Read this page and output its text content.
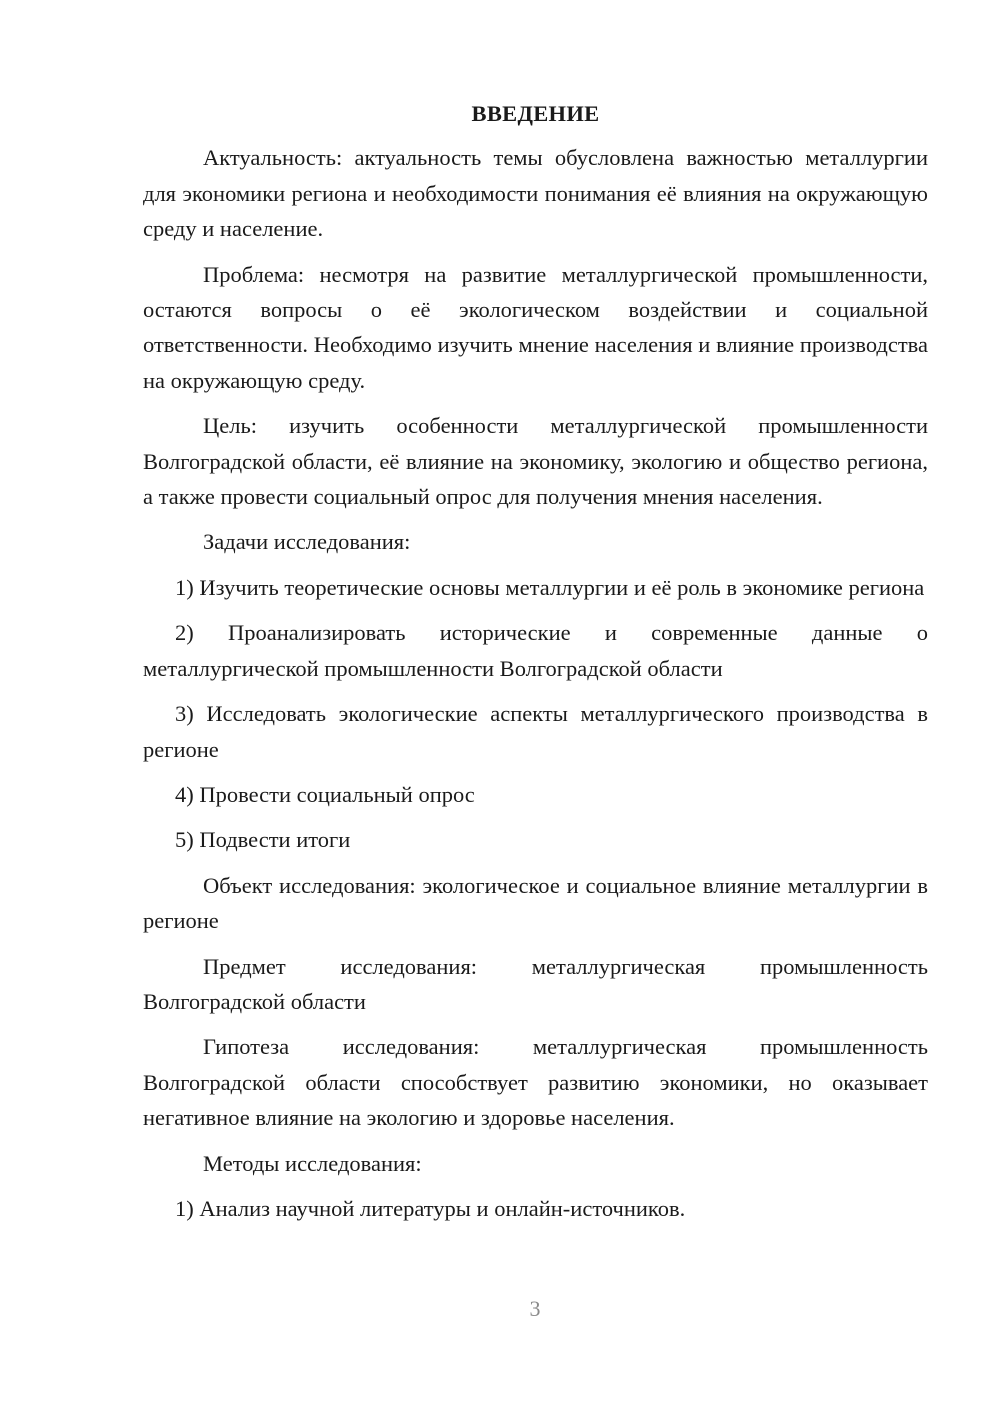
ВВЕДЕНИЕ

Актуальность: актуальность темы обусловлена важностью металлургии для экономики региона и необходимости понимания её влияния на окружающую среду и население.

Проблема: несмотря на развитие металлургической промышленности, остаются вопросы о её экологическом воздействии и социальной ответственности. Необходимо изучить мнение населения и влияние производства на окружающую среду.

Цель: изучить особенности металлургической промышленности Волгоградской области, её влияние на экономику, экологию и общество региона, а также провести социальный опрос для получения мнения населения.

Задачи исследования:

1) Изучить теоретические основы металлургии и её роль в экономике региона

2) Проанализировать исторические и современные данные о металлургической промышленности Волгоградской области

3) Исследовать экологические аспекты металлургического производства в регионе

4) Провести социальный опрос

5) Подвести итоги

Объект исследования: экологическое и социальное влияние металлургии в регионе

Предмет исследования: металлургическая промышленность Волгоградской области

Гипотеза исследования: металлургическая промышленность Волгоградской области способствует развитию экономики, но оказывает негативное влияние на экологию и здоровье населения.

Методы исследования:

1) Анализ научной литературы и онлайн-источников.

3
